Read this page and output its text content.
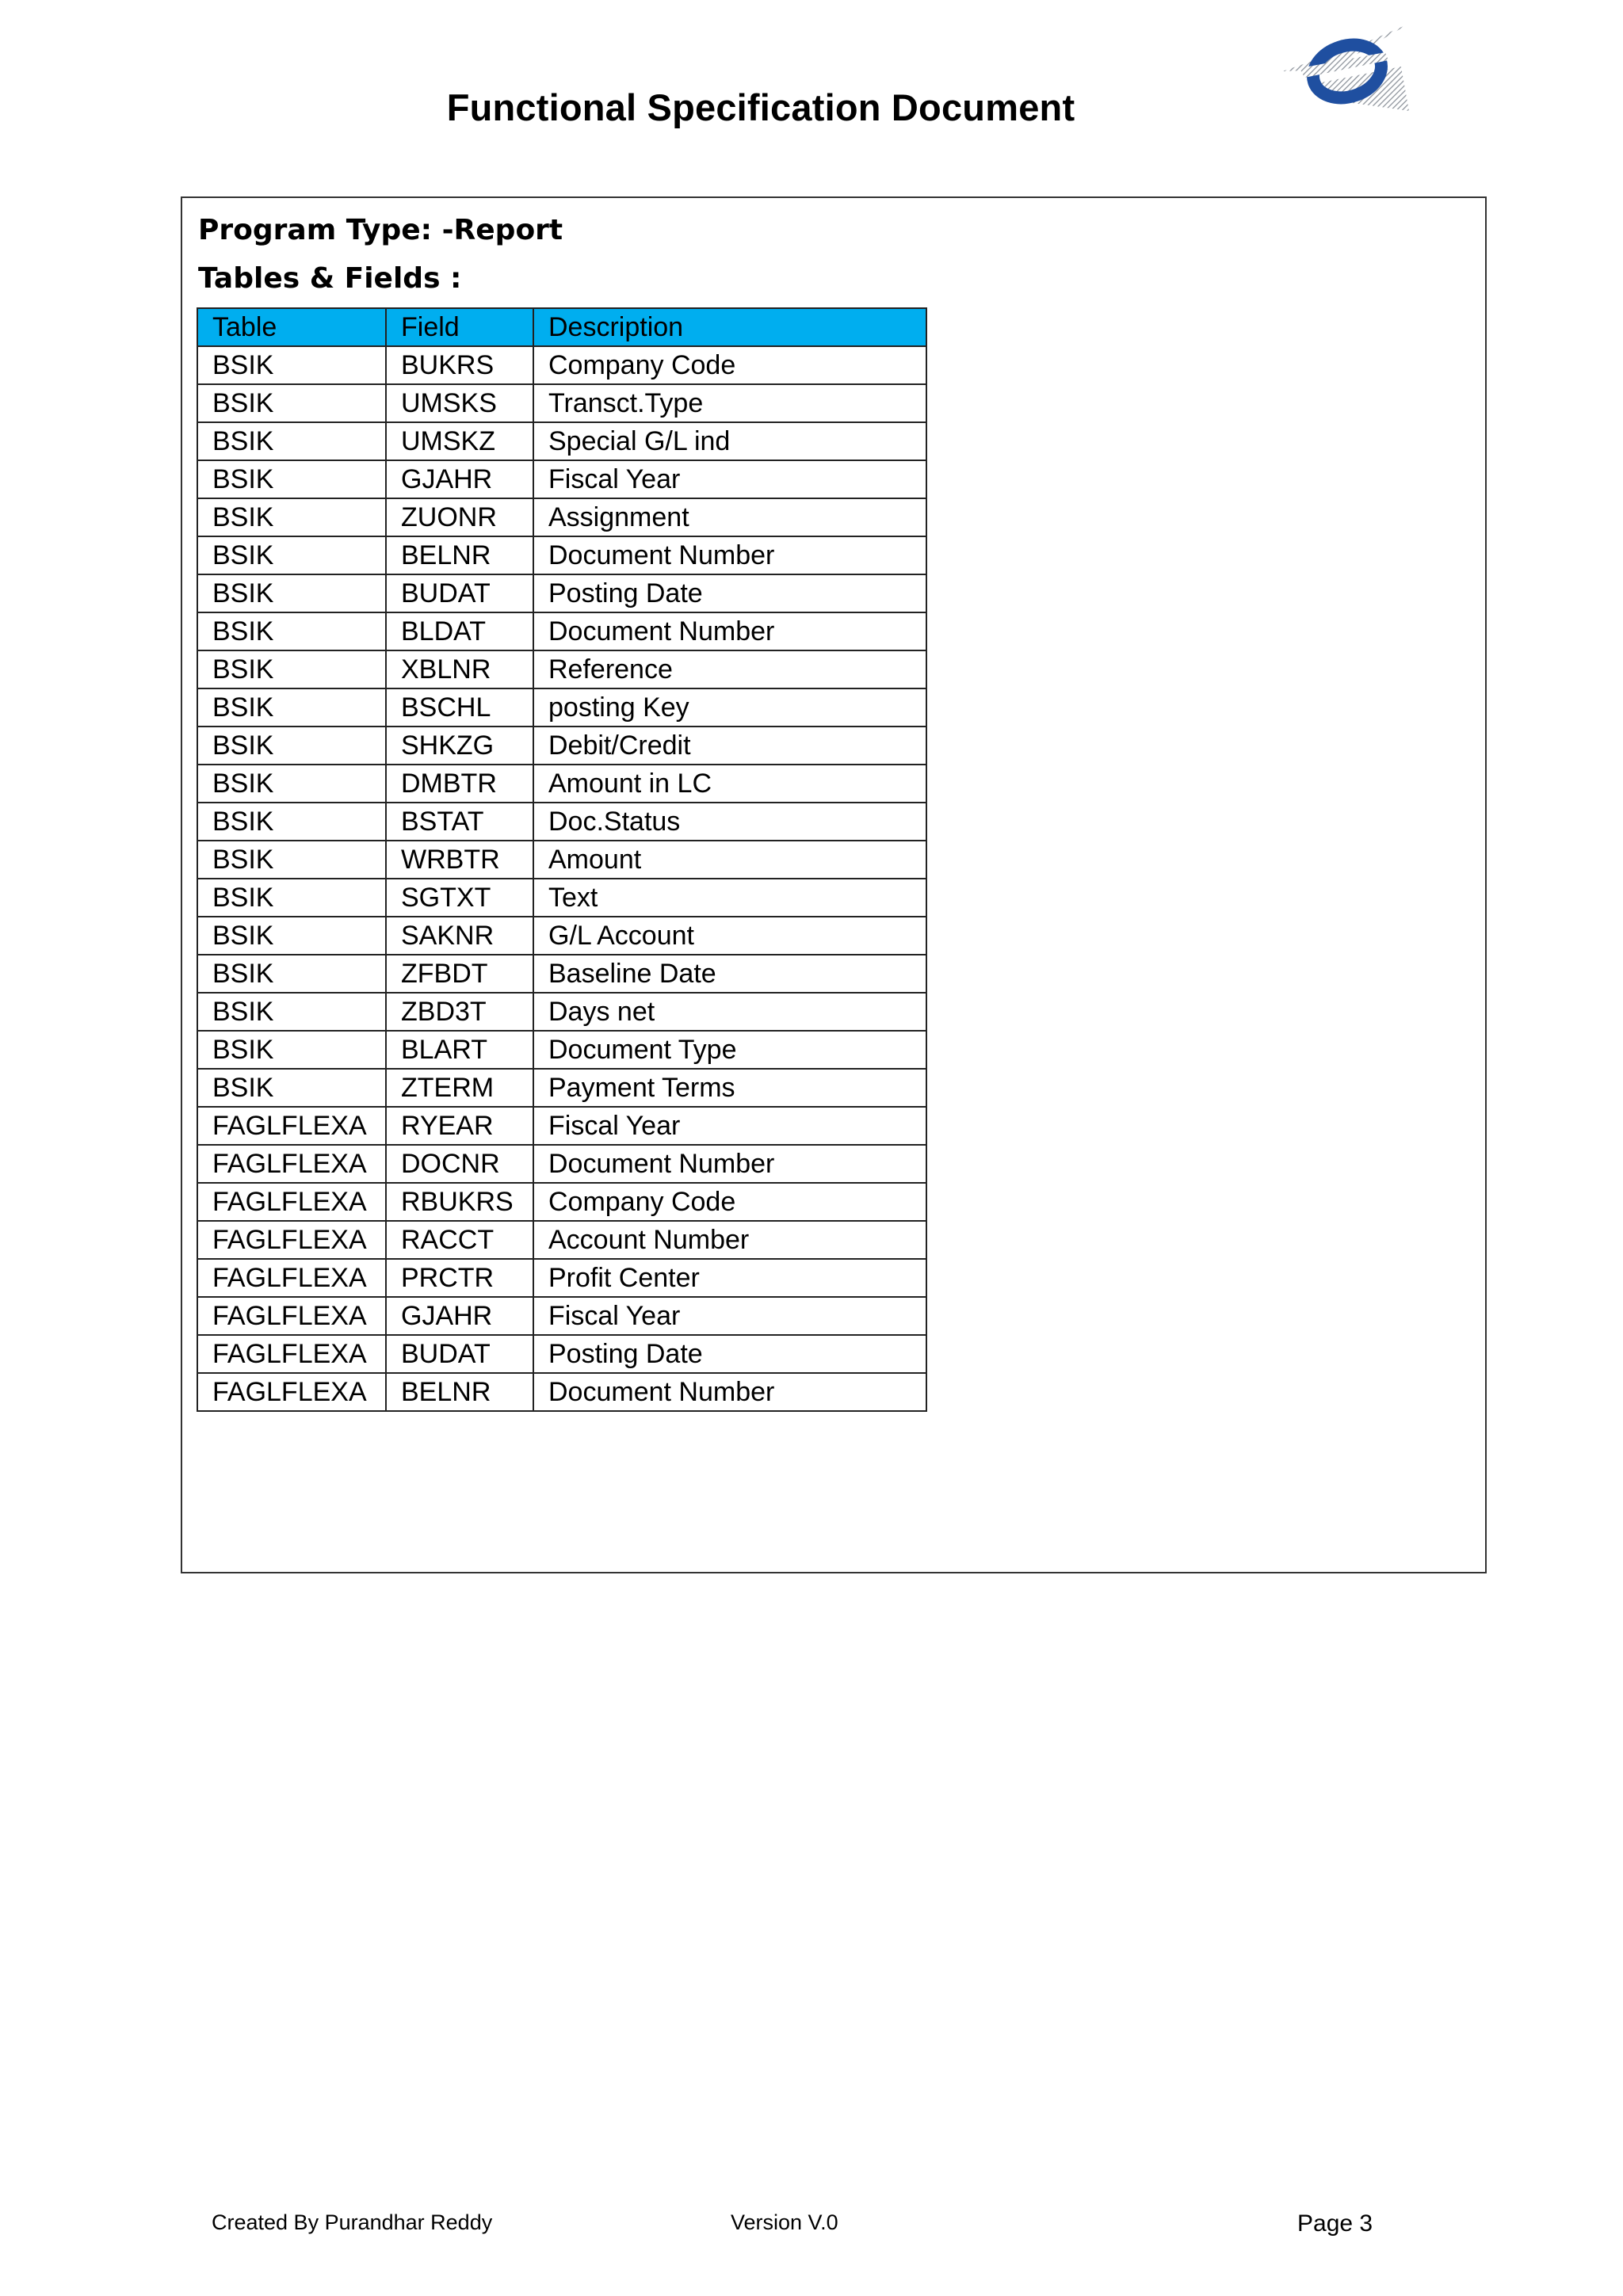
Functional Specification Document
Program Type: -Report
Tables & Fields :
Table	Field	Description
BSIK	BUKRS	Company Code
BSIK	UMSKS	Transct.Type
BSIK	UMSKZ	Special G/L ind
BSIK	GJAHR	Fiscal Year
BSIK	ZUONR	Assignment
BSIK	BELNR	Document Number
BSIK	BUDAT	Posting Date
BSIK	BLDAT	Document Number
BSIK	XBLNR	Reference
BSIK	BSCHL	posting Key
BSIK	SHKZG	Debit/Credit
BSIK	DMBTR	Amount in LC
BSIK	BSTAT	Doc.Status
BSIK	WRBTR	Amount
BSIK	SGTXT	Text
BSIK	SAKNR	G/L Account
BSIK	ZFBDT	Baseline Date
BSIK	ZBD3T	Days net
BSIK	BLART	Document Type
BSIK	ZTERM	Payment Terms
FAGLFLEXA	RYEAR	Fiscal Year
FAGLFLEXA	DOCNR	Document Number
FAGLFLEXA	RBUKRS	Company Code
FAGLFLEXA	RACCT	Account Number
FAGLFLEXA	PRCTR	Profit Center
FAGLFLEXA	GJAHR	Fiscal Year
FAGLFLEXA	BUDAT	Posting Date
FAGLFLEXA	BELNR	Document Number
Created By Purandhar Reddy	Version V.0	Page 3
